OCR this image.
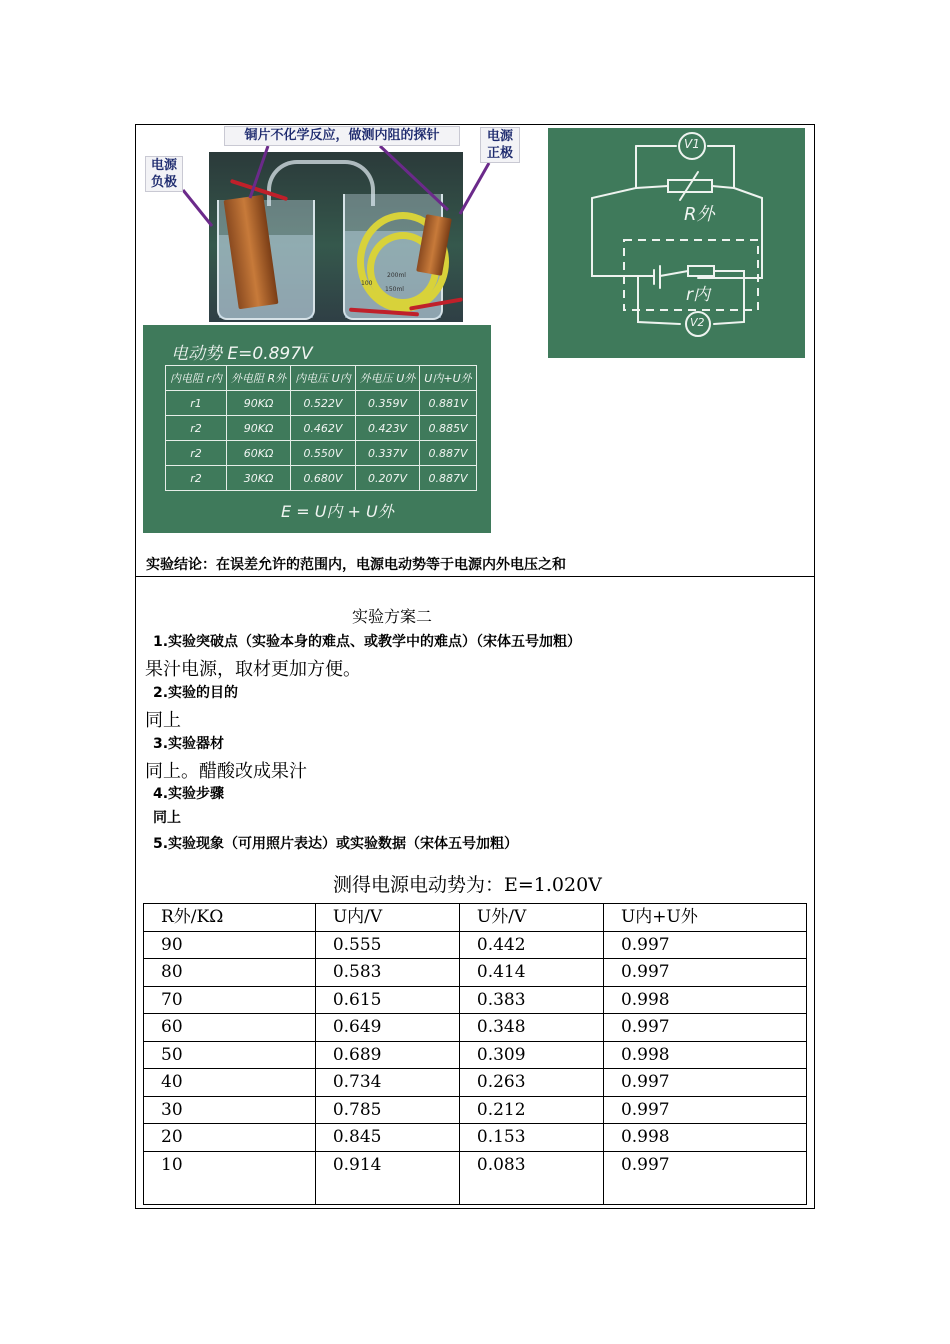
200ml
150ml
100
铜片不化学反应，做测内阻的探针
电源
负极
电源
正极
V1
R外
r内
V2
电动势 E=0.897V
内电阻 r内	外电阻 R外	内电压 U内	外电压 U外	U内+U外
r1	90KΩ	0.522V	0.359V	0.881V
r2	90KΩ	0.462V	0.423V	0.885V
r2	60KΩ	0.550V	0.337V	0.887V
r2	30KΩ	0.680V	0.207V	0.887V
E = U内 + U外
实验结论：在误差允许的范围内，电源电动势等于电源内外电压之和
实验方案二
1.实验突破点（实验本身的难点、或教学中的难点）（宋体五号加粗）
果汁电源，取材更加方便。
2.实验的目的
同上
3.实验器材
同上。醋酸改成果汁
4.实验步骤
同上
5.实验现象（可用照片表达）或实验数据（宋体五号加粗）
测得电源电动势为：E=1.020V
R外/KΩ	U内/V	U外/V	U内+U外
90	0.555	0.442	0.997
80	0.583	0.414	0.997
70	0.615	0.383	0.998
60	0.649	0.348	0.997
50	0.689	0.309	0.998
40	0.734	0.263	0.997
30	0.785	0.212	0.997
20	0.845	0.153	0.998
10	0.914	0.083	0.997
